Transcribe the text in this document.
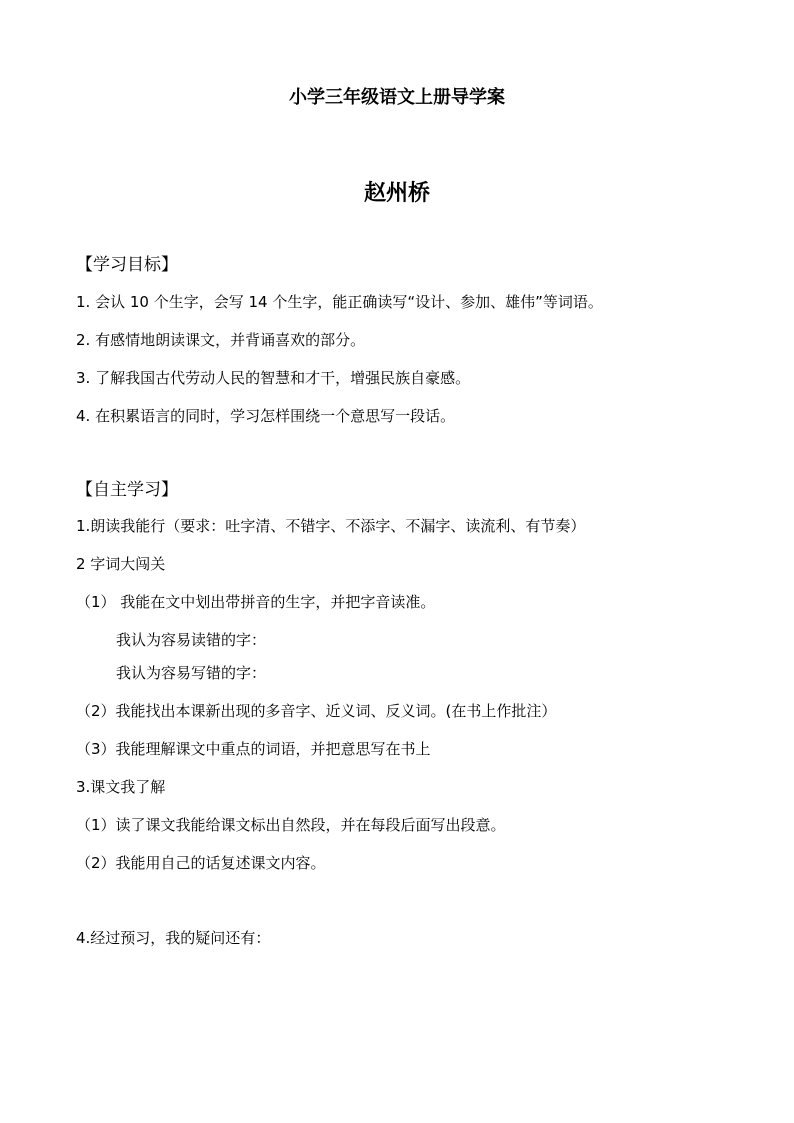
小学三年级语文上册导学案
赵州桥
【学习目标】
1. 会认 10 个生字，会写 14 个生字，能正确读写“设计、参加、雄伟”等词语。
2. 有感情地朗读课文，并背诵喜欢的部分。
3. 了解我国古代劳动人民的智慧和才干，增强民族自豪感。
4. 在积累语言的同时，学习怎样围绕一个意思写一段话。
【自主学习】
1.朗读我能行（要求：吐字清、不错字、不添字、不漏字、读流利、有节奏）
2 字词大闯关
（1） 我能在文中划出带拼音的生字，并把字音读准。
我认为容易读错的字：
我认为容易写错的字：
（2）我能找出本课新出现的多音字、近义词、反义词。(在书上作批注）
（3）我能理解课文中重点的词语，并把意思写在书上
3.课文我了解
（1）读了课文我能给课文标出自然段，并在每段后面写出段意。
（2）我能用自己的话复述课文内容。
4.经过预习，我的疑问还有：
